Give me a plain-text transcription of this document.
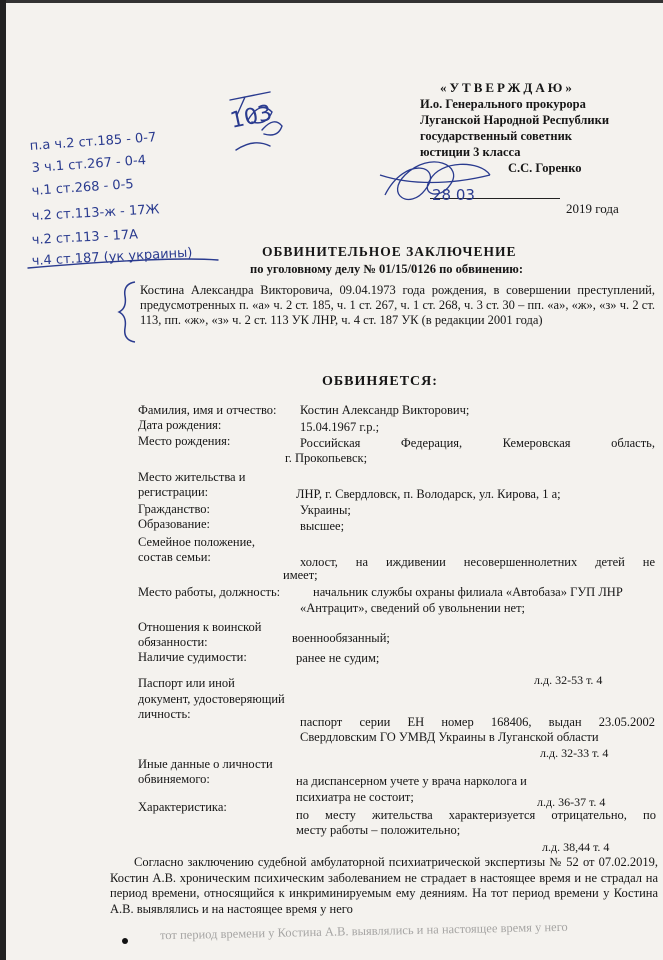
103
п.а ч.2 ст.185 - 0-7
3 ч.1 ст.267 - 0-4
ч.1 ст.268 - 0-5
ч.2 ст.113-ж - 17Ж
ч.2 ст.113 - 17А
ч.4 ст.187 (ук украины)
«УТВЕРЖДАЮ»
И.о. Генерального прокурора
Луганской Народной Республики
государственный советник
юстиции 3 класса
С.С. Горенко
28 03
2019 года
ОБВИНИТЕЛЬНОЕ ЗАКЛЮЧЕНИЕ
по уголовному делу № 01/15/0126 по обвинению:
Костина Александра Викторовича, 09.04.1973 года рождения, в совершении преступлений, предусмотренных п. «а» ч. 2 ст. 185, ч. 1 ст. 267, ч. 1 ст. 268, ч. 3 ст. 30 – пп. «а», «ж», «з» ч. 2 ст. 113, пп. «ж», «з» ч. 2 ст. 113 УК ЛНР, ч. 4 ст. 187 УК (в редакции 2001 года)
ОБВИНЯЕТСЯ:
Фамилия, имя и отчество: Костин Александр Викторович;
Дата рождения:	15.04.1967 г.р.;
Место рождения:	Российская Федерация, Кемеровская область,
г. Прокопьевск;
Место жительства и
регистрации:	ЛНР, г. Свердловск, п. Володарск, ул. Кирова, 1 а;
Гражданство:	Украины;
Образование:	высшее;
Семейное положение,
состав семьи:	холост, на иждивении несовершеннолетних детей не
имеет;
Место работы, должность:	начальник службы охраны филиала «Автобаза» ГУП ЛНР
«Антрацит», сведений об увольнении нет;
Отношения к воинской
обязанности:	военнообязанный;
Наличие судимости:	ранее не судим;
л.д. 32-53 т. 4
Паспорт или иной
документ, удостоверяющий
личность:
паспорт серии ЕН номер 168406, выдан 23.05.2002
Свердловским ГО УМВД Украины в Луганской области
л.д. 32-33 т. 4
Иные данные о личности
обвиняемого:	на диспансерном учете у врача нарколога и
психиатра не состоит;	л.д. 36-37 т. 4
Характеристика:
по месту жительства характеризуется отрицательно, по
месту работы – положительно;
л.д. 38,44 т. 4
Согласно заключению судебной амбулаторной психиатрической экспертизы № 52 от 07.02.2019, Костин А.В. хроническим психическим заболеванием не страдает в настоящее время и не страдал на период времени, относящийся к инкриминируемым ему деяниям. На тот период времени у Костина А.В. выявлялись и на настоящее время у него
тот период времени у Костина А.В. выявлялись и на настоящее время у него
